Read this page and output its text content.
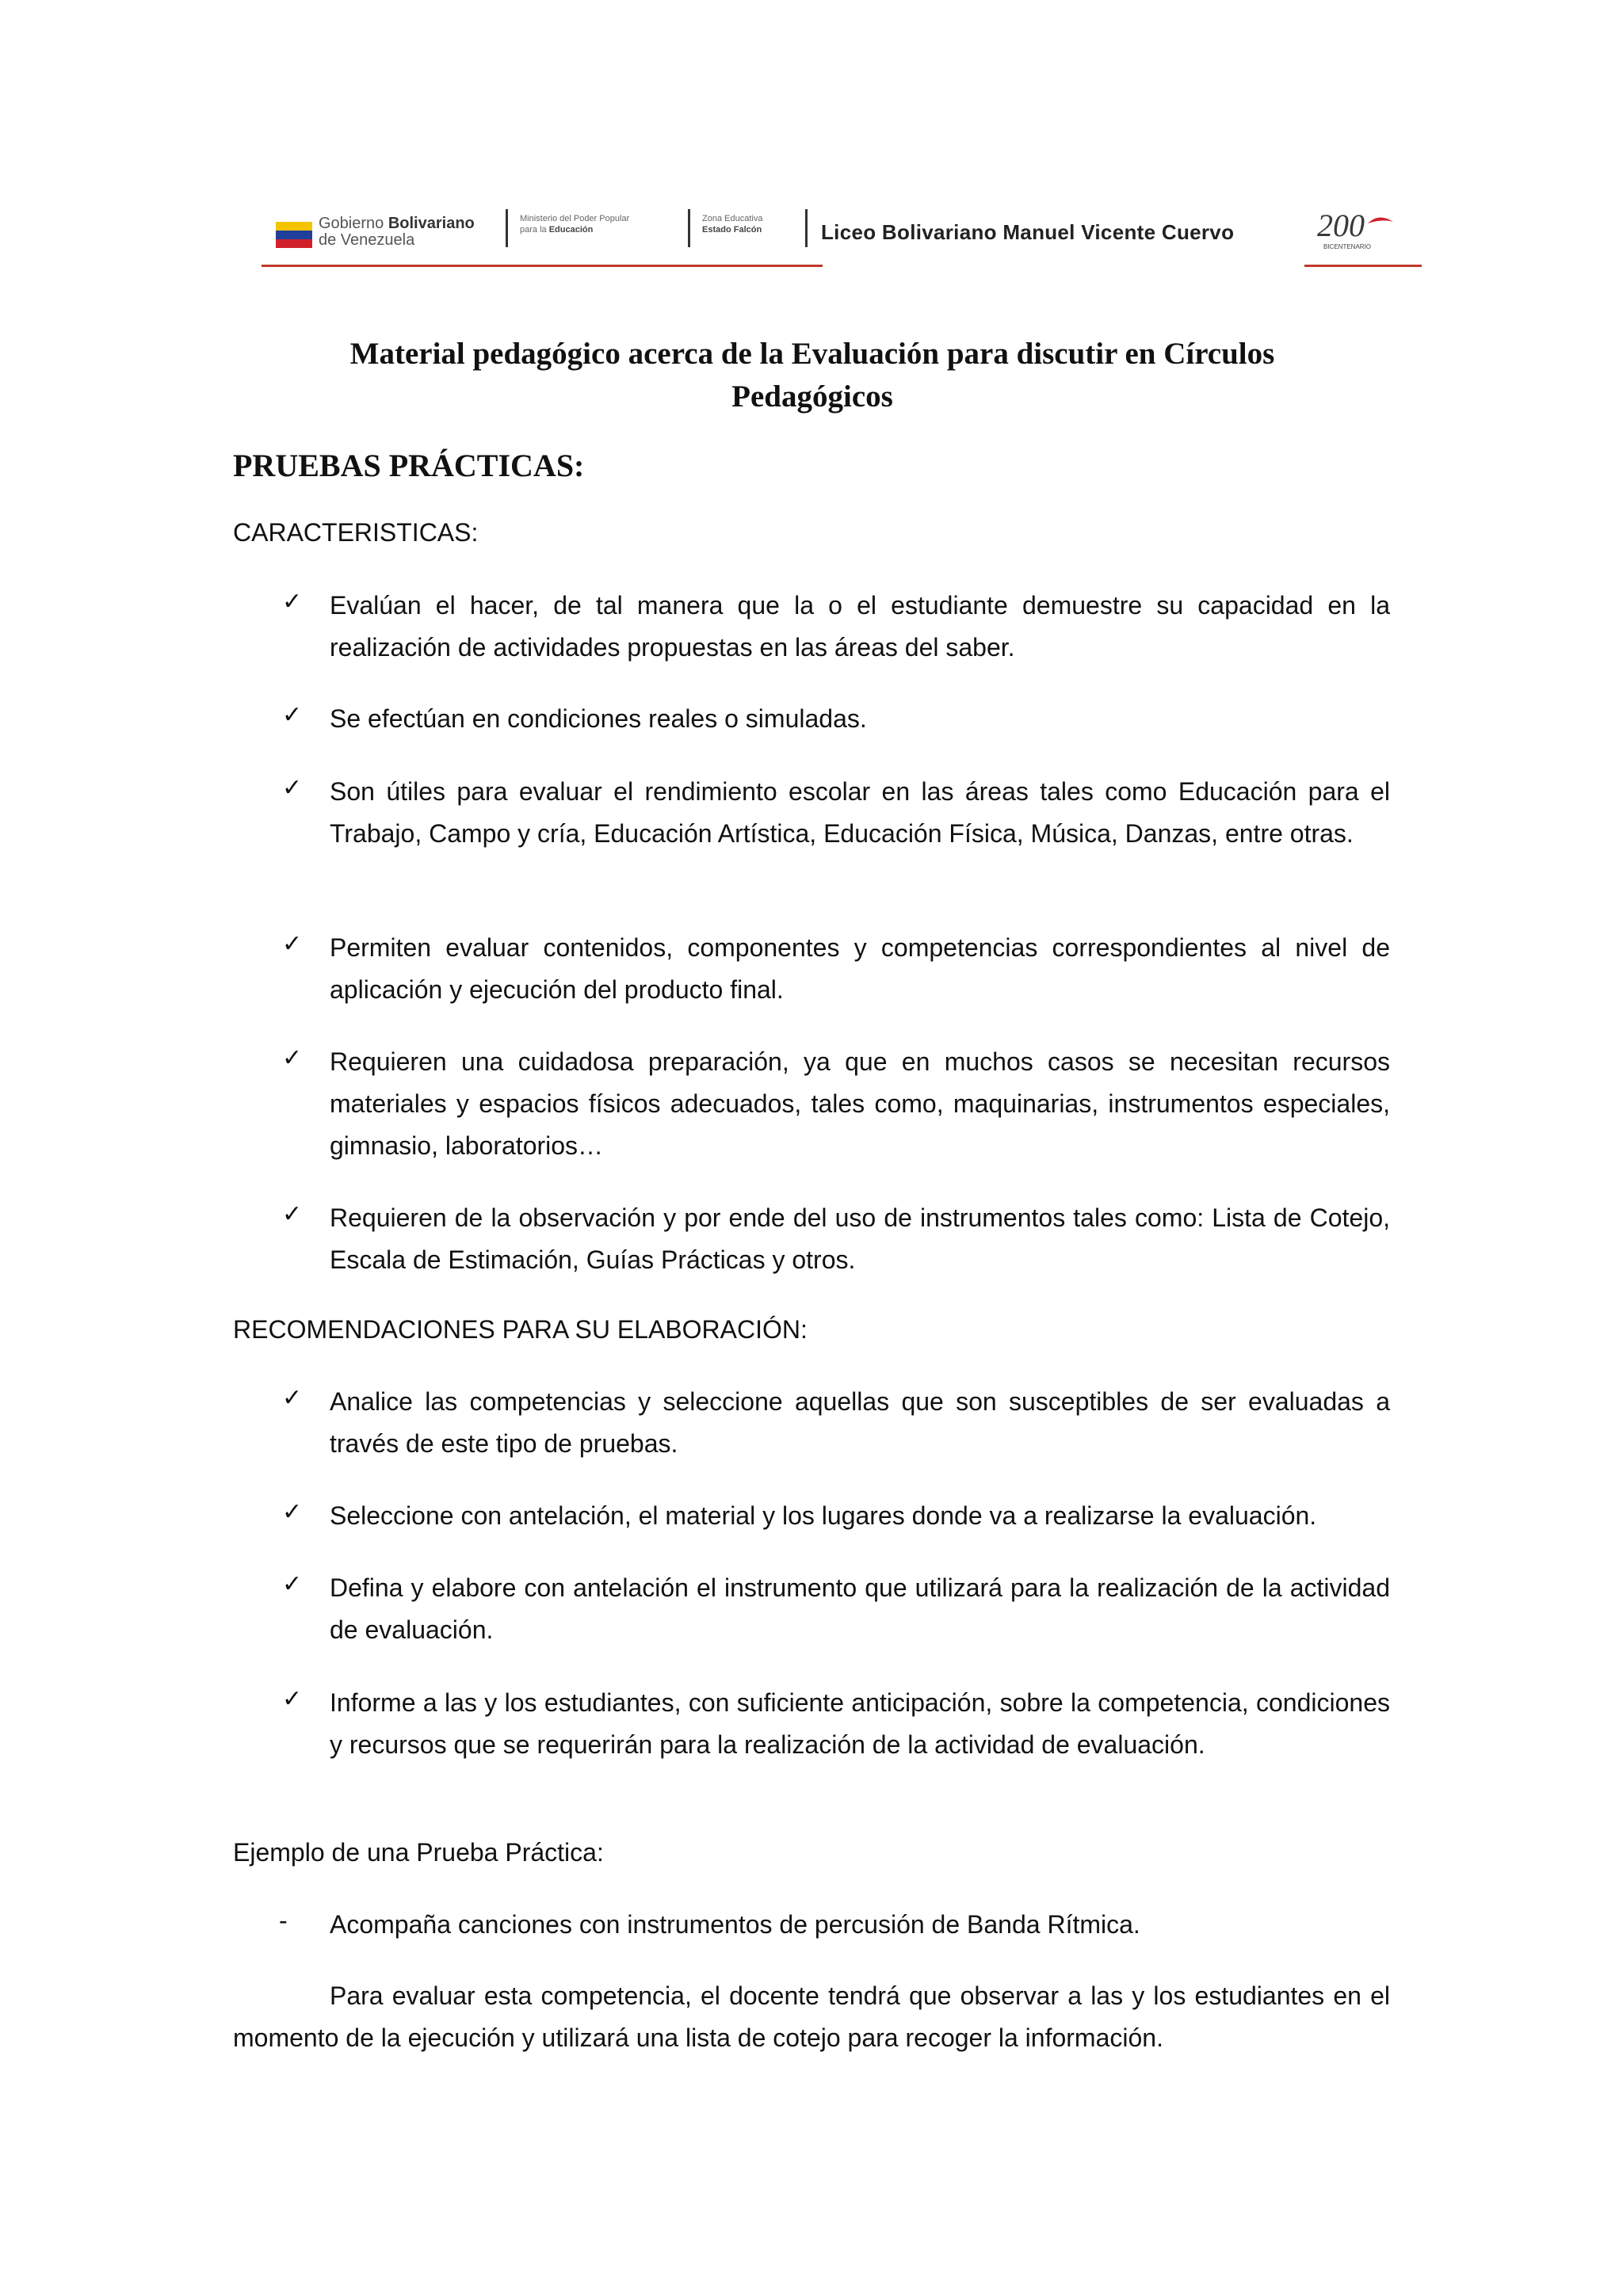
Gobierno Bolivariano
de Venezuela
Ministerio del Poder Popular
para la Educación
Zona Educativa
Estado Falcón	Liceo Bolivariano Manuel Vicente Cuervo	200
BICENTENARIO
Material pedagógico acerca de la Evaluación para discutir en Círculos
Pedagógicos
PRUEBAS PRÁCTICAS:
CARACTERISTICAS:
✓ Evalúan el hacer, de tal manera que la o el estudiante demuestre su capacidad en la realización de actividades propuestas en las áreas del saber.
✓ Se efectúan en condiciones reales o simuladas.
✓ Son útiles para evaluar el rendimiento escolar en las áreas tales como Educación para el Trabajo, Campo y cría, Educación Artística, Educación Física, Música, Danzas, entre otras.
✓ Permiten evaluar contenidos, componentes y competencias correspondientes al nivel de aplicación y ejecución del producto final.
✓ Requieren una cuidadosa preparación, ya que en muchos casos se necesitan recursos materiales y espacios físicos adecuados, tales como, maquinarias, instrumentos especiales, gimnasio, laboratorios…
✓ Requieren de la observación y por ende del uso de instrumentos tales como: Lista de Cotejo, Escala de Estimación, Guías Prácticas y otros.
RECOMENDACIONES PARA SU ELABORACIÓN:
✓ Analice las competencias y seleccione aquellas que son susceptibles de ser evaluadas a través de este tipo de pruebas.
✓ Seleccione con antelación, el material y los lugares donde va a realizarse la evaluación.
✓ Defina y elabore con antelación el instrumento que utilizará para la realización de la actividad de evaluación.
✓ Informe a las y los estudiantes, con suficiente anticipación, sobre la competencia, condiciones y recursos que se requerirán para la realización de la actividad de evaluación.
Ejemplo de una Prueba Práctica:
- Acompaña canciones con instrumentos de percusión de Banda Rítmica.
Para evaluar esta competencia, el docente tendrá que observar a las y los estudiantes en el momento de la ejecución y utilizará una lista de cotejo para recoger la información.
